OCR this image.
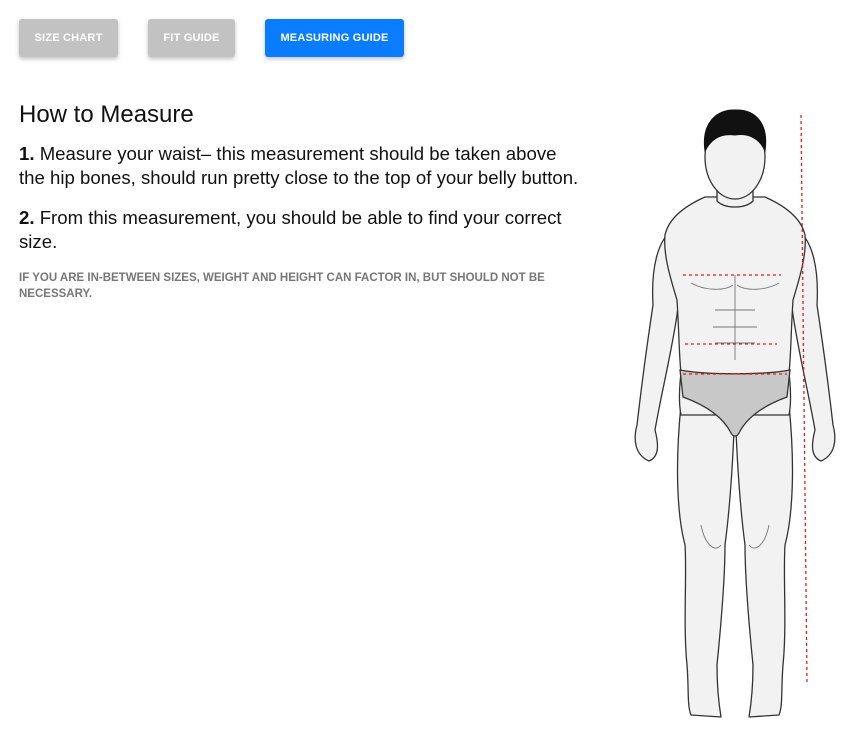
SIZE CHART	FIT GUIDE	MEASURING GUIDE
How to Measure

1. Measure your waist– this measurement should be taken above the hip bones, should run pretty close to the top of your belly button.

2. From this measurement, you should be able to find your correct size.

IF YOU ARE IN-BETWEEN SIZES, WEIGHT AND HEIGHT CAN FACTOR IN, BUT SHOULD NOT BE NECESSARY.
